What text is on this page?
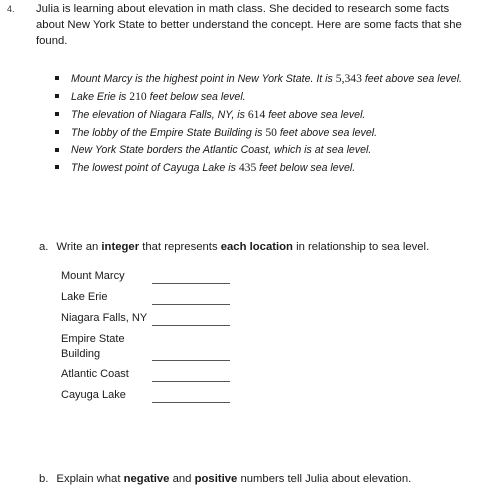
4. Julia is learning about elevation in math class. She decided to research some facts about New York State to better understand the concept. Here are some facts that she found.
Mount Marcy is the highest point in New York State. It is 5,343 feet above sea level.
Lake Erie is 210 feet below sea level.
The elevation of Niagara Falls, NY, is 614 feet above sea level.
The lobby of the Empire State Building is 50 feet above sea level.
New York State borders the Atlantic Coast, which is at sea level.
The lowest point of Cayuga Lake is 435 feet below sea level.
a. Write an integer that represents each location in relationship to sea level.
Mount Marcy
Lake Erie
Niagara Falls, NY
Empire State Building
Atlantic Coast
Cayuga Lake
b. Explain what negative and positive numbers tell Julia about elevation.
